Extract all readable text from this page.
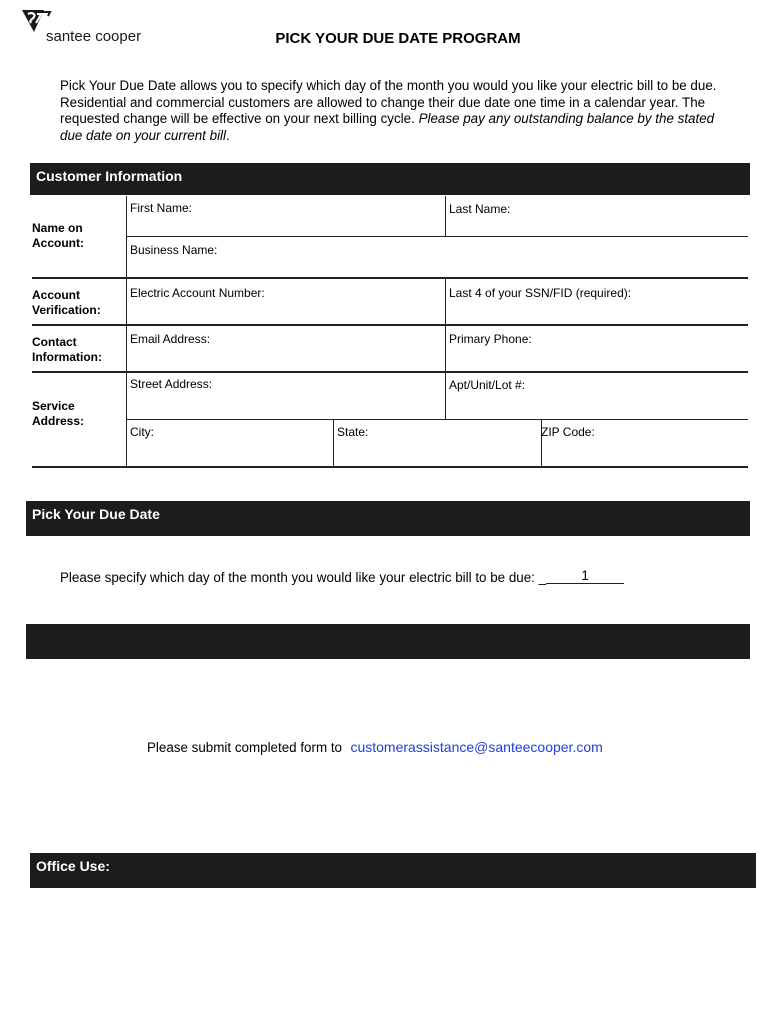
santee cooper	PICK YOUR DUE DATE PROGRAM
Pick Your Due Date allows you to specify which day of the month you would you like your electric bill to be due. Residential and commercial customers are allowed to change their due date one time in a calendar year. The requested change will be effective on your next billing cycle. Please pay any outstanding balance by the stated due date on your current bill.
Customer Information
Name on
Account:
First Name:	Last Name:
Business Name:
Account
Verification:
Electric Account Number:	Last 4 of your SSN/FID (required):
Contact
Information:
Email Address:	Primary Phone:
Service
Address:
Street Address:	Apt/Unit/Lot #:
City:	State:	ZIP Code:
Pick Your Due Date
Please specify which day of the month you would like your electric bill to be due: _	1
Please submit completed form to customerassistance@santeecooper.com
Office Use:
